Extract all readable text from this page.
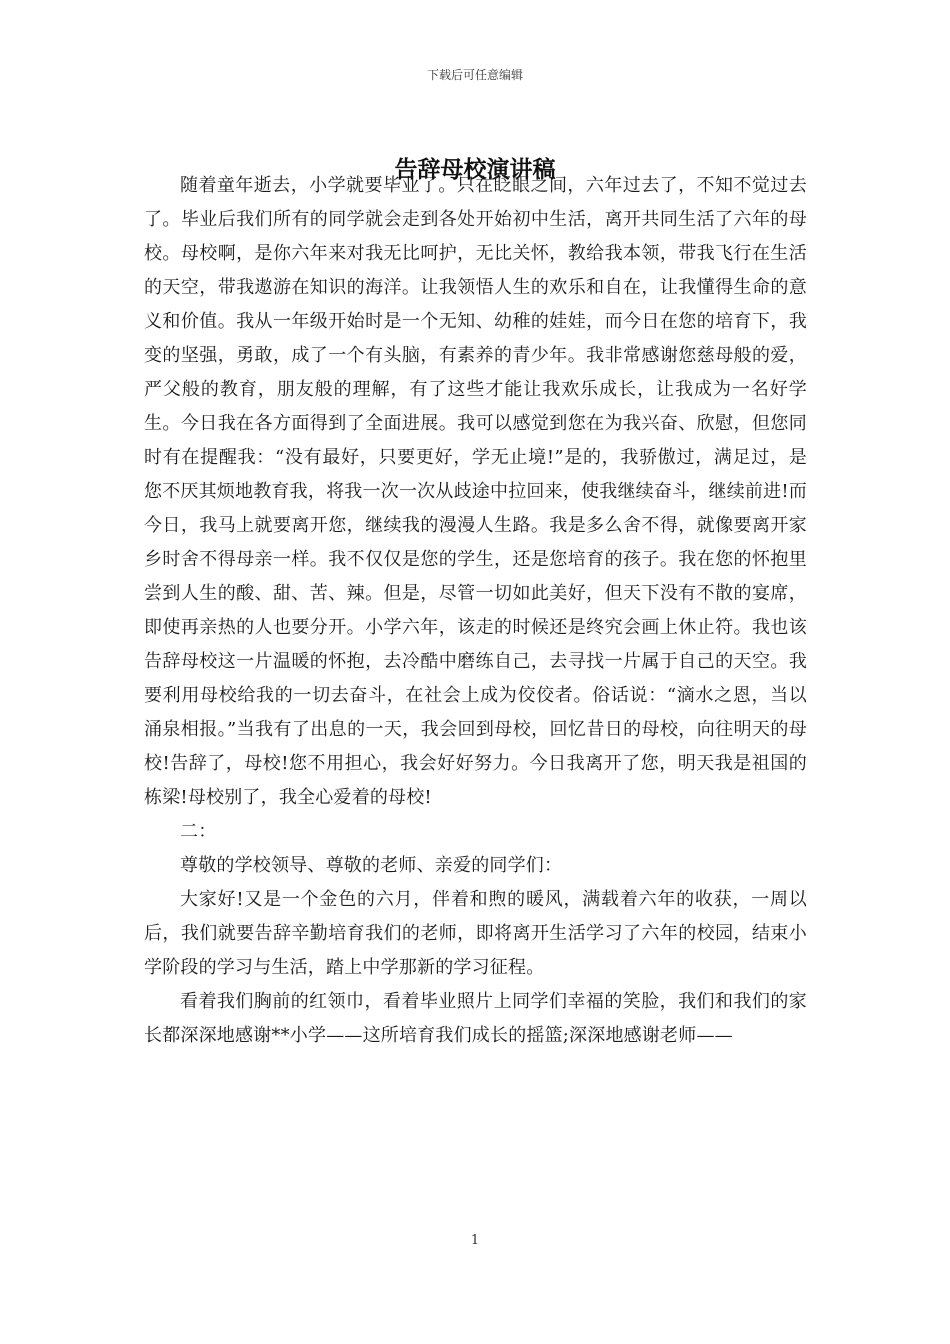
下载后可任意编辑
告辞母校演讲稿

随着童年逝去，小学就要毕业了。只在眨眼之间，六年过去了，不知不觉过去了。毕业后我们所有的同学就会走到各处开始初中生活，离开共同生活了六年的母校。母校啊，是你六年来对我无比呵护，无比关怀，教给我本领，带我飞行在生活的天空，带我遨游在知识的海洋。让我领悟人生的欢乐和自在，让我懂得生命的意义和价值。我从一年级开始时是一个无知、幼稚的娃娃，而今日在您的培育下，我变的坚强，勇敢，成了一个有头脑，有素养的青少年。我非常感谢您慈母般的爱，严父般的教育，朋友般的理解，有了这些才能让我欢乐成长，让我成为一名好学生。今日我在各方面得到了全面进展。我可以感觉到您在为我兴奋、欣慰，但您同时有在提醒我：“没有最好，只要更好，学无止境!”是的，我骄傲过，满足过，是您不厌其烦地教育我，将我一次一次从歧途中拉回来，使我继续奋斗，继续前进!而今日，我马上就要离开您，继续我的漫漫人生路。我是多么舍不得，就像要离开家乡时舍不得母亲一样。我不仅仅是您的学生，还是您培育的孩子。我在您的怀抱里尝到人生的酸、甜、苦、辣。但是，尽管一切如此美好，但天下没有不散的宴席，即使再亲热的人也要分开。小学六年，该走的时候还是终究会画上休止符。我也该告辞母校这一片温暖的怀抱，去冷酷中磨练自己，去寻找一片属于自己的天空。我要利用母校给我的一切去奋斗，在社会上成为佼佼者。俗话说：“滴水之恩，当以涌泉相报。”当我有了出息的一天，我会回到母校，回忆昔日的母校，向往明天的母校!告辞了，母校!您不用担心，我会好好努力。今日我离开了您，明天我是祖国的栋梁!母校别了，我全心爱着的母校!

二：

尊敬的学校领导、尊敬的老师、亲爱的同学们：

大家好!又是一个金色的六月，伴着和煦的暖风，满载着六年的收获，一周以后，我们就要告辞辛勤培育我们的老师，即将离开生活学习了六年的校园，结束小学阶段的学习与生活，踏上中学那新的学习征程。

看着我们胸前的红领巾，看着毕业照片上同学们幸福的笑脸，我们和我们的家长都深深地感谢**小学——这所培育我们成长的摇篮;深深地感谢老师——

1
